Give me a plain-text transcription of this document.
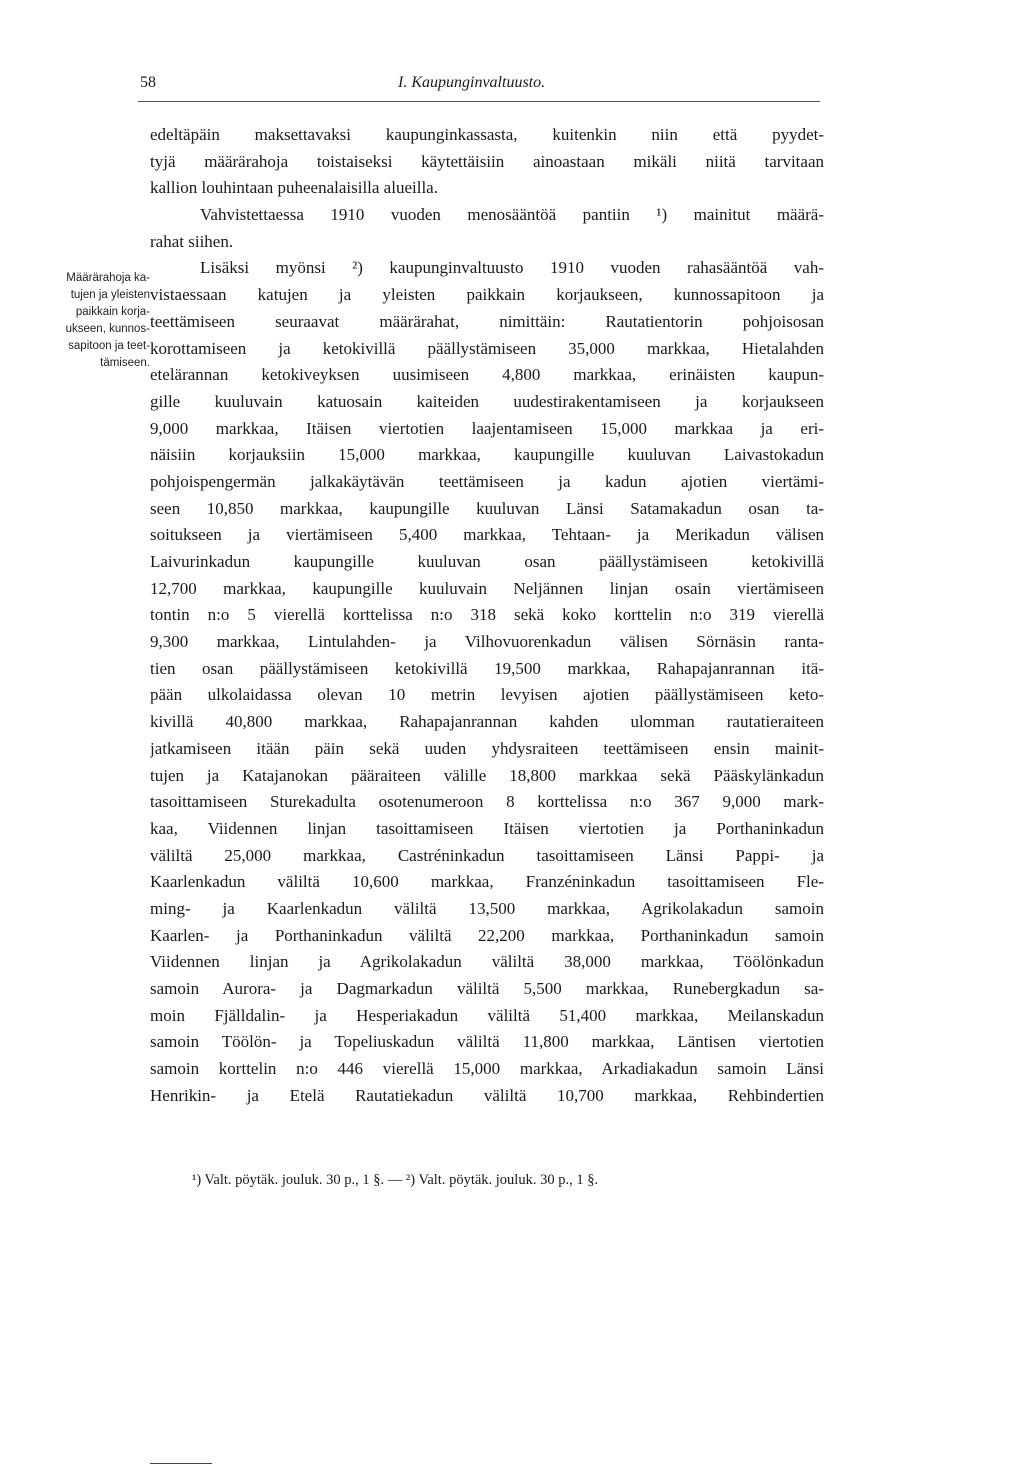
58	I. Kaupunginvaltuusto.
Määrärahoja ka-
tujen ja yleisten
paikkain korja-
ukseen, kunnos-
sapitoon ja teet-
tämiseen.
edeltäpäin maksettavaksi kaupunginkassasta, kuitenkin niin että pyydet-
tyjä määrärahoja toistaiseksi käytettäisiin ainoastaan mikäli niitä tarvitaan
kallion louhintaan puheenalaisilla alueilla.
Vahvistettaessa 1910 vuoden menosääntöä pantiin ¹) mainitut määrä-
rahat siihen.
Lisäksi myönsi ²) kaupunginvaltuusto 1910 vuoden rahasääntöä vah-
vistaessaan katujen ja yleisten paikkain korjaukseen, kunnossapitoon ja
teettämiseen seuraavat määrärahat, nimittäin: Rautatientorin pohjoisosan
korottamiseen ja ketokivillä päällystämiseen 35,000 markkaa, Hietalahden
etelärannan ketokiveyksen uusimiseen 4,800 markkaa, erinäisten kaupun-
gille kuuluvain katuosain kaiteiden uudestirakentamiseen ja korjaukseen
9,000 markkaa, Itäisen viertotien laajentamiseen 15,000 markkaa ja eri-
näisiin korjauksiin 15,000 markkaa, kaupungille kuuluvan Laivastokadun
pohjoispengermän jalkakäytävän teettämiseen ja kadun ajotien viertämi-
seen 10,850 markkaa, kaupungille kuuluvan Länsi Satamakadun osan ta-
soitukseen ja viertämiseen 5,400 markkaa, Tehtaan- ja Merikadun välisen
Laivurinkadun kaupungille kuuluvan osan päällystämiseen ketokivillä
12,700 markkaa, kaupungille kuuluvain Neljännen linjan osain viertämiseen
tontin n:o 5 vierellä korttelissa n:o 318 sekä koko korttelin n:o 319 vierellä
9,300 markkaa, Lintulahden- ja Vilhovuorenkadun välisen Sörnäsin ranta-
tien osan päällystämiseen ketokivillä 19,500 markkaa, Rahapajanrannan itä-
pään ulkolaidassa olevan 10 metrin levyisen ajotien päällystämiseen keto-
kivillä 40,800 markkaa, Rahapajanrannan kahden ulomman rautatieraiteen
jatkamiseen itään päin sekä uuden yhdysraiteen teettämiseen ensin mainit-
tujen ja Katajanokan pääraiteen välille 18,800 markkaa sekä Pääskylänkadun
tasoittamiseen Sturekadulta osotenumeroon 8 korttelissa n:o 367 9,000 mark-
kaa, Viidennen linjan tasoittamiseen Itäisen viertotien ja Porthaninkadun
väliltä 25,000 markkaa, Castréninkadun tasoittamiseen Länsi Pappi- ja
Kaarlenkadun väliltä 10,600 markkaa, Franzéninkadun tasoittamiseen Fle-
ming- ja Kaarlenkadun väliltä 13,500 markkaa, Agrikolakadun samoin
Kaarlen- ja Porthaninkadun väliltä 22,200 markkaa, Porthaninkadun samoin
Viidennen linjan ja Agrikolakadun väliltä 38,000 markkaa, Töölönkadun
samoin Aurora- ja Dagmarkadun väliltä 5,500 markkaa, Runebergkadun sa-
moin Fjälldalin- ja Hesperiakadun väliltä 51,400 markkaa, Meilanskadun
samoin Töölön- ja Topeliuskadun väliltä 11,800 markkaa, Läntisen viertotien
samoin korttelin n:o 446 vierellä 15,000 markkaa, Arkadiakadun samoin Länsi
Henrikin- ja Etelä Rautatiekadun väliltä 10,700 markkaa, Rehbindertien
¹) Valt. pöytäk. jouluk. 30 p., 1 §. — ²) Valt. pöytäk. jouluk. 30 p., 1 §.
